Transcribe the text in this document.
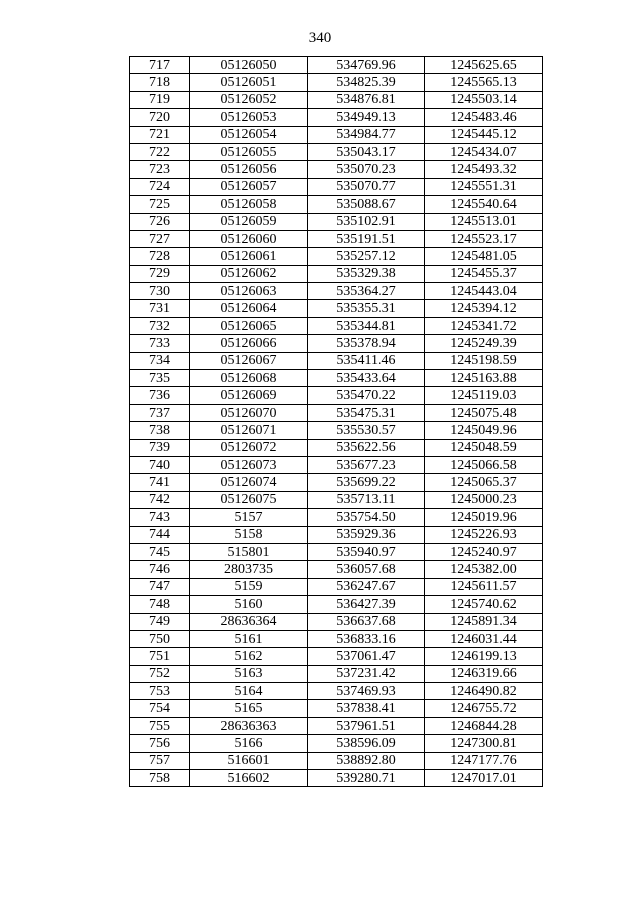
340
717	05126050	534769.96	1245625.65
718	05126051	534825.39	1245565.13
719	05126052	534876.81	1245503.14
720	05126053	534949.13	1245483.46
721	05126054	534984.77	1245445.12
722	05126055	535043.17	1245434.07
723	05126056	535070.23	1245493.32
724	05126057	535070.77	1245551.31
725	05126058	535088.67	1245540.64
726	05126059	535102.91	1245513.01
727	05126060	535191.51	1245523.17
728	05126061	535257.12	1245481.05
729	05126062	535329.38	1245455.37
730	05126063	535364.27	1245443.04
731	05126064	535355.31	1245394.12
732	05126065	535344.81	1245341.72
733	05126066	535378.94	1245249.39
734	05126067	535411.46	1245198.59
735	05126068	535433.64	1245163.88
736	05126069	535470.22	1245119.03
737	05126070	535475.31	1245075.48
738	05126071	535530.57	1245049.96
739	05126072	535622.56	1245048.59
740	05126073	535677.23	1245066.58
741	05126074	535699.22	1245065.37
742	05126075	535713.11	1245000.23
743	5157	535754.50	1245019.96
744	5158	535929.36	1245226.93
745	515801	535940.97	1245240.97
746	2803735	536057.68	1245382.00
747	5159	536247.67	1245611.57
748	5160	536427.39	1245740.62
749	28636364	536637.68	1245891.34
750	5161	536833.16	1246031.44
751	5162	537061.47	1246199.13
752	5163	537231.42	1246319.66
753	5164	537469.93	1246490.82
754	5165	537838.41	1246755.72
755	28636363	537961.51	1246844.28
756	5166	538596.09	1247300.81
757	516601	538892.80	1247177.76
758	516602	539280.71	1247017.01
